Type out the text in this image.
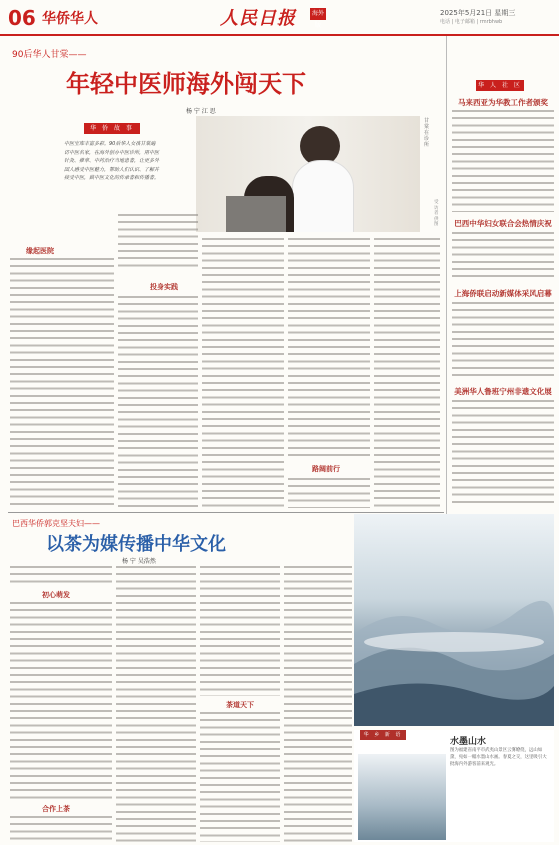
06 华侨华人	人民日报	海外版
2025年5月21日 星期三
电话 | 电子邮箱 | rmrbhwb
90后华人甘棠——
年轻中医师海外闯天下
杨 宁 江 思
华 侨 故 事
中医宝库丰富多彩。90后华人女孩甘棠遍访中医名家，在海外创办中医诊所，用中医针灸、推拿、中药治疗当地患者，让更多外国人感受中医魅力，帮助人们认识、了解并接受中医，做中医文化的传承者和传播者。
甘棠在诊所
受访者供图
缘起医院
投身实践
路阔前行
巴西华侨郭克坚夫妇——
以茶为媒传播中华文化
杨 宁 吴浩然
初心萌发
合作上茶
茶道天下
华 乡 新 语
水墨山水
图为福建省南平市武夷山景区云雾缭绕，远山如黛，宛如一幅水墨山水画。春夏之交，这里吸引大批海内外游客前来观光。
华 人 社 区
马来西亚为华教工作者颁奖
巴西中华妇女联合会热情庆祝
上海侨联启动新媒体采风启幕
美洲华人鲁班宁州非遗文化展
